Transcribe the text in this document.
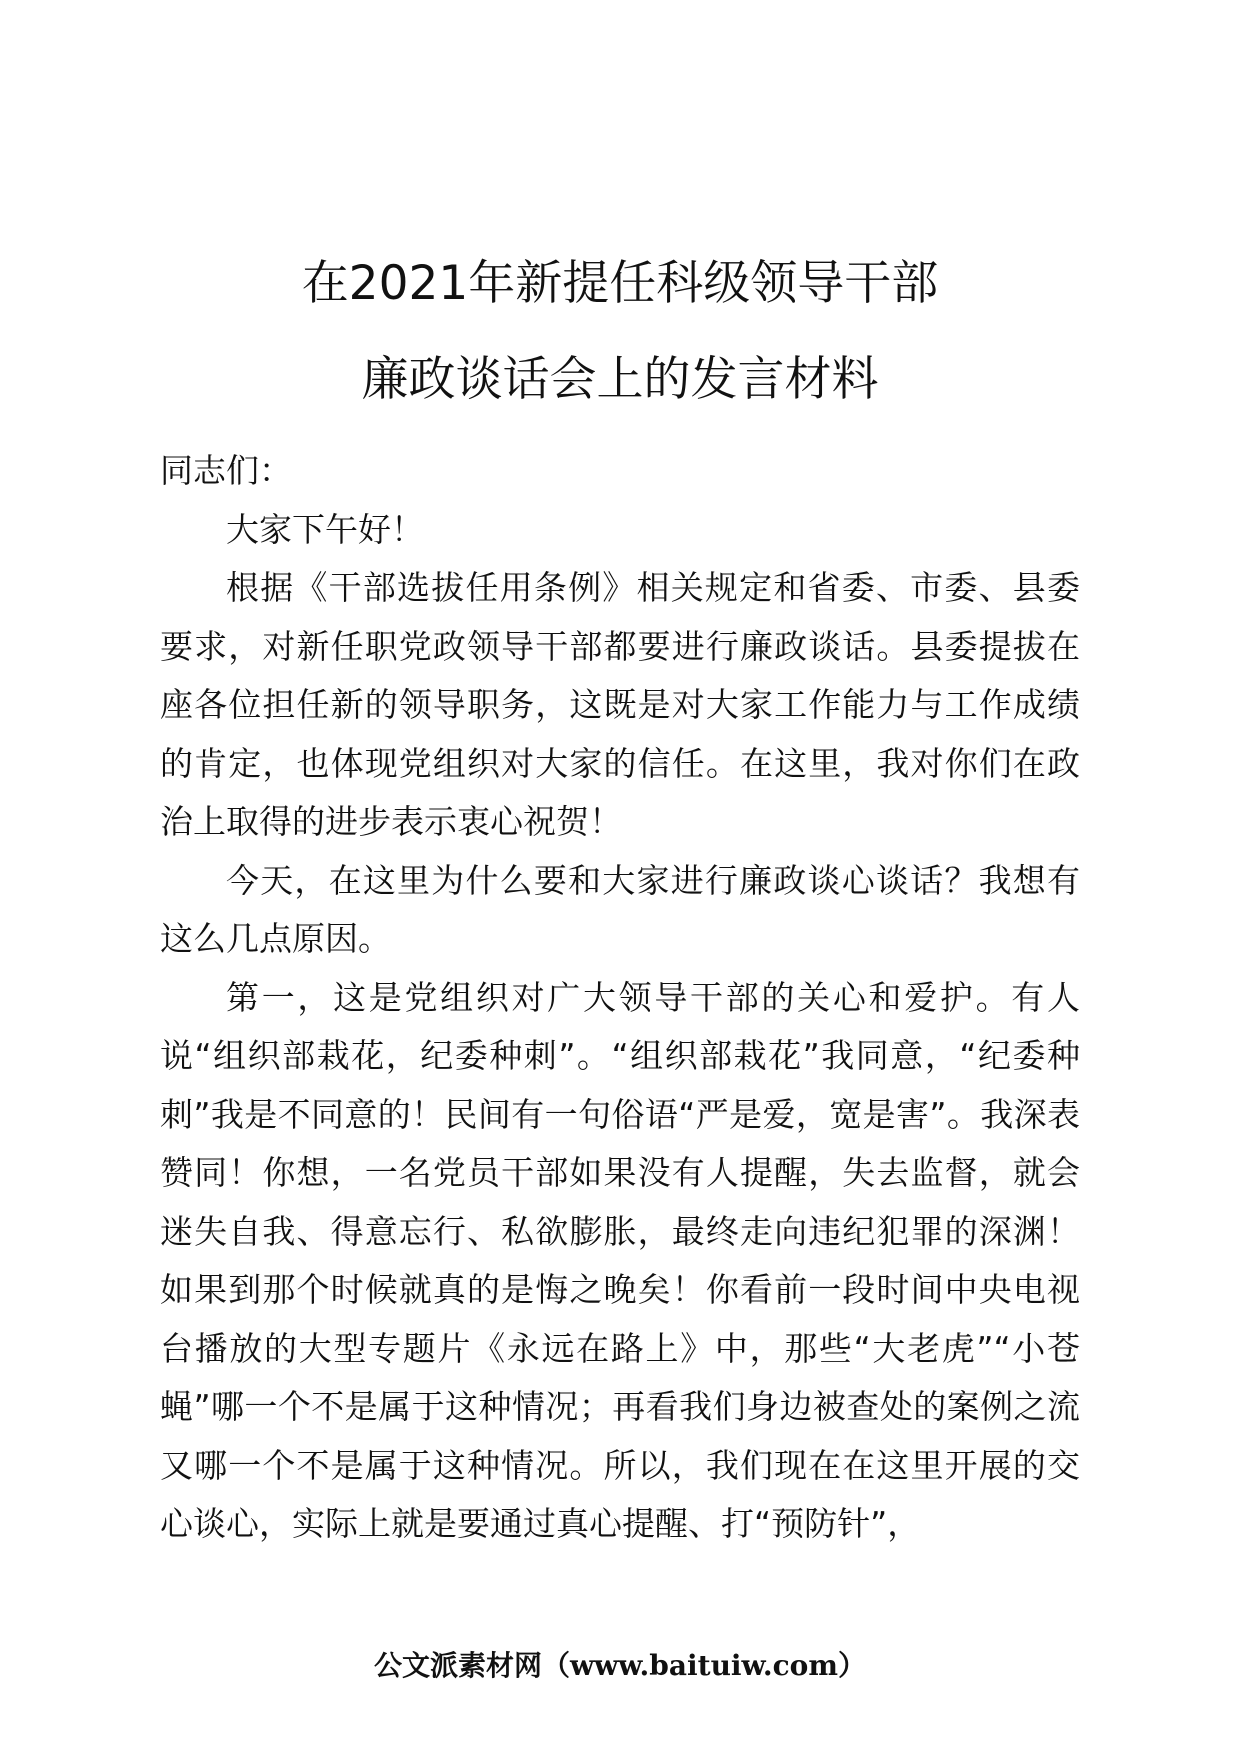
在2021年新提任科级领导干部
廉政谈话会上的发言材料

同志们：

大家下午好！

根据《干部选拔任用条例》相关规定和省委、市委、县委要求，对新任职党政领导干部都要进行廉政谈话。县委提拔在座各位担任新的领导职务，这既是对大家工作能力与工作成绩的肯定，也体现党组织对大家的信任。在这里，我对你们在政治上取得的进步表示衷心祝贺！

今天，在这里为什么要和大家进行廉政谈心谈话？我想有这么几点原因。

第一，这是党组织对广大领导干部的关心和爱护。有人说“组织部栽花，纪委种刺”。“组织部栽花”我同意，“纪委种刺”我是不同意的！民间有一句俗语“严是爱，宽是害”。我深表赞同！你想，一名党员干部如果没有人提醒，失去监督，就会迷失自我、得意忘行、私欲膨胀，最终走向违纪犯罪的深渊！如果到那个时候就真的是悔之晚矣！你看前一段时间中央电视台播放的大型专题片《永远在路上》中，那些“大老虎”“小苍蝇”哪一个不是属于这种情况；再看我们身边被查处的案例之流又哪一个不是属于这种情况。所以，我们现在在这里开展的交心谈心，实际上就是要通过真心提醒、打“预防针”，

公文派素材网（www.baituiw.com）
